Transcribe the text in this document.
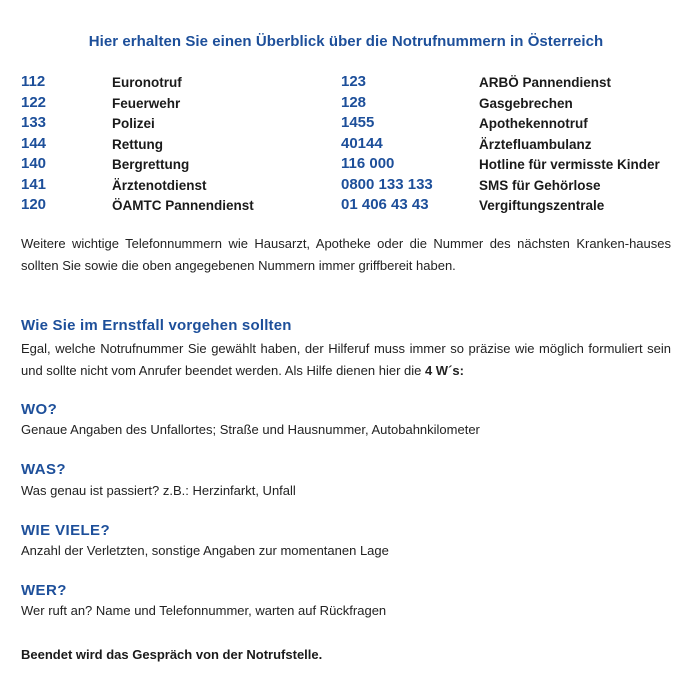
Hier erhalten Sie einen Überblick über die Notrufnummern in Österreich
112	Euronotruf	123	ARBÖ Pannendienst
122	Feuerwehr	128	Gasgebrechen
133	Polizei	1455	Apothekennotruf
144	Rettung	40144	Ärztefluambulanz
140	Bergrettung	116 000	Hotline für vermisste Kinder
141	Ärztenotdienst	0800 133 133	SMS für Gehörlose
120	ÖAMTC Pannendienst	01 406 43 43	Vergiftungszentrale

Weitere wichtige Telefonnummern wie Hausarzt, Apotheke oder die Nummer des nächsten Kranken-hauses sollten Sie sowie die oben angegebenen Nummern immer griffbereit haben.

Wie Sie im Ernstfall vorgehen sollten

Egal, welche Notrufnummer Sie gewählt haben, der Hilferuf muss immer so präzise wie möglich formuliert sein und sollte nicht vom Anrufer beendet werden. Als Hilfe dienen hier die 4 W´s:

WO?

Genaue Angaben des Unfallortes; Straße und Hausnummer, Autobahnkilometer

WAS?

Was genau ist passiert? z.B.: Herzinfarkt, Unfall

WIE VIELE?

Anzahl der Verletzten, sonstige Angaben zur momentanen Lage

WER?

Wer ruft an? Name und Telefonnummer, warten auf Rückfragen

Beendet wird das Gespräch von der Notrufstelle.
